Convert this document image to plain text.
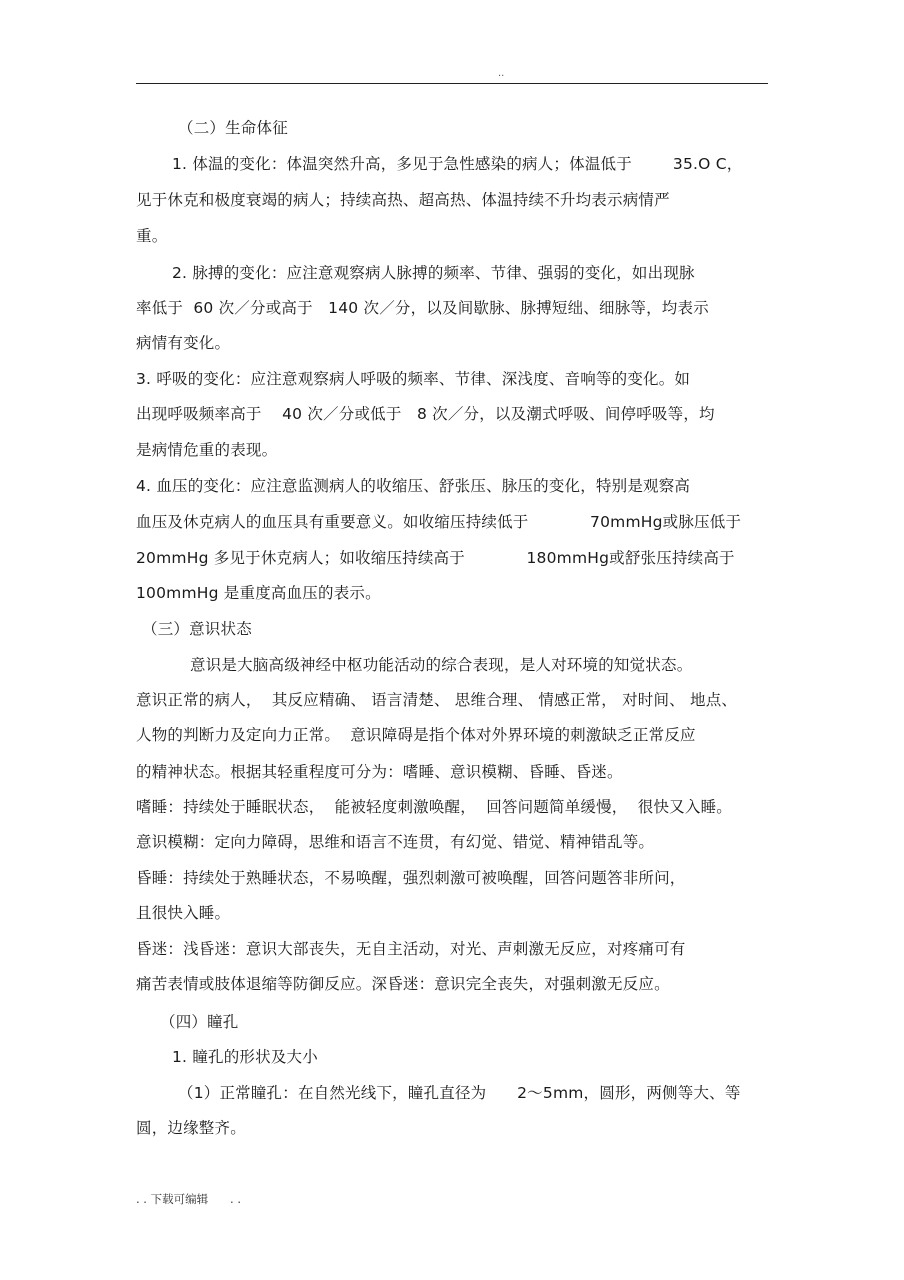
..
（二）生命体征
1. 体温的变化：体温突然升高，多见于急性感染的病人；体温低于        35.O C，
见于休克和极度衰竭的病人；持续高热、超高热、体温持续不升均表示病情严
重。
2. 脉搏的变化：应注意观察病人脉搏的频率、节律、强弱的变化，如出现脉
率低于  60 次／分或高于   140 次／分，以及间歇脉、脉搏短绌、细脉等，均表示
病情有变化。
3. 呼吸的变化：应注意观察病人呼吸的频率、节律、深浅度、音响等的变化。如
出现呼吸频率高于    40 次／分或低于   8 次／分，以及潮式呼吸、间停呼吸等，均
是病情危重的表现。
4. 血压的变化：应注意监测病人的收缩压、舒张压、脉压的变化，特别是观察高
血压及休克病人的血压具有重要意义。如收缩压持续低于            70mmHg或脉压低于
20mmHg 多见于休克病人；如收缩压持续高于            180mmHg或舒张压持续高于
100mmHg 是重度高血压的表示。
（三）意识状态
意识是大脑高级神经中枢功能活动的综合表现，是人对环境的知觉状态。
意识正常的病人，  其反应精确、 语言清楚、 思维合理、 情感正常， 对时间、 地点、
人物的判断力及定向力正常。  意识障碍是指个体对外界环境的刺激缺乏正常反应
的精神状态。根据其轻重程度可分为：嗜睡、意识模糊、昏睡、昏迷。
嗜睡：持续处于睡眠状态，  能被轻度刺激唤醒，  回答问题简单缓慢，  很快又入睡。
意识模糊：定向力障碍，思维和语言不连贯，有幻觉、错觉、精神错乱等。
昏睡：持续处于熟睡状态，不易唤醒，强烈刺激可被唤醒，回答问题答非所问，
且很快入睡。
昏迷：浅昏迷：意识大部丧失，无自主活动，对光、声刺激无反应，对疼痛可有
痛苦表情或肢体退缩等防御反应。深昏迷：意识完全丧失，对强刺激无反应。
（四）瞳孔
1. 瞳孔的形状及大小
（1）正常瞳孔：在自然光线下，瞳孔直径为      2～5mm，圆形，两侧等大、等
圆，边缘整齐。
. . 下载可编辑      . .
